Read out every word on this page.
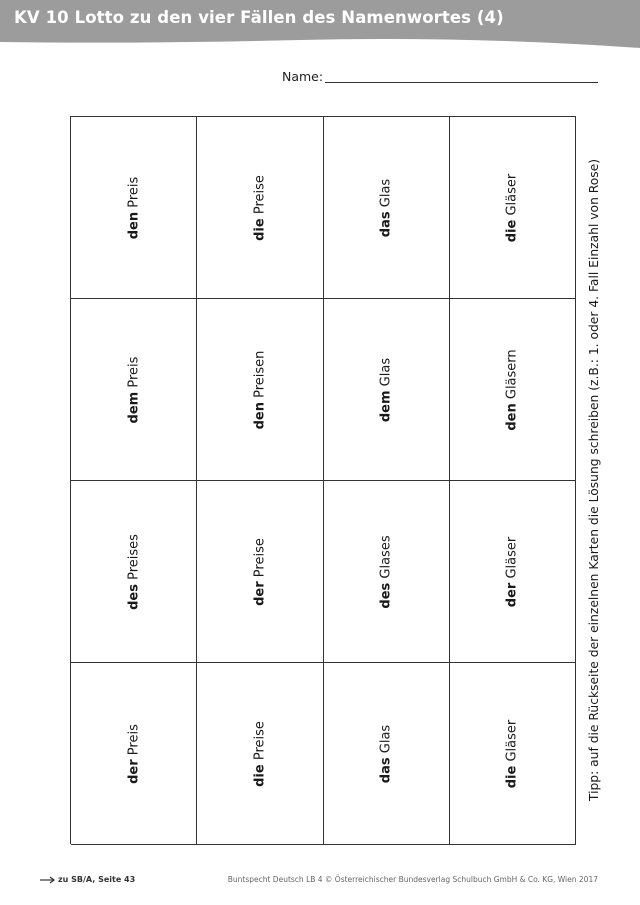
KV 10 Lotto zu den vier Fällen des Namenwortes (4)
Name:
den Preis
die Preise
das Glas
die Gläser
dem Preis
den Preisen
dem Glas
den Gläsern
des Preises
der Preise
des Glases
der Gläser
der Preis
die Preise
das Glas
die Gläser	Tipp: auf die Rückseite der einzelnen Karten die Lösung schreiben (z.B.: 1. oder 4. Fall Einzahl von Rose)
zu SB/A, Seite 43	Buntspecht Deutsch LB 4 © Österreichischer Bundesverlag Schulbuch GmbH & Co. KG, Wien 2017
